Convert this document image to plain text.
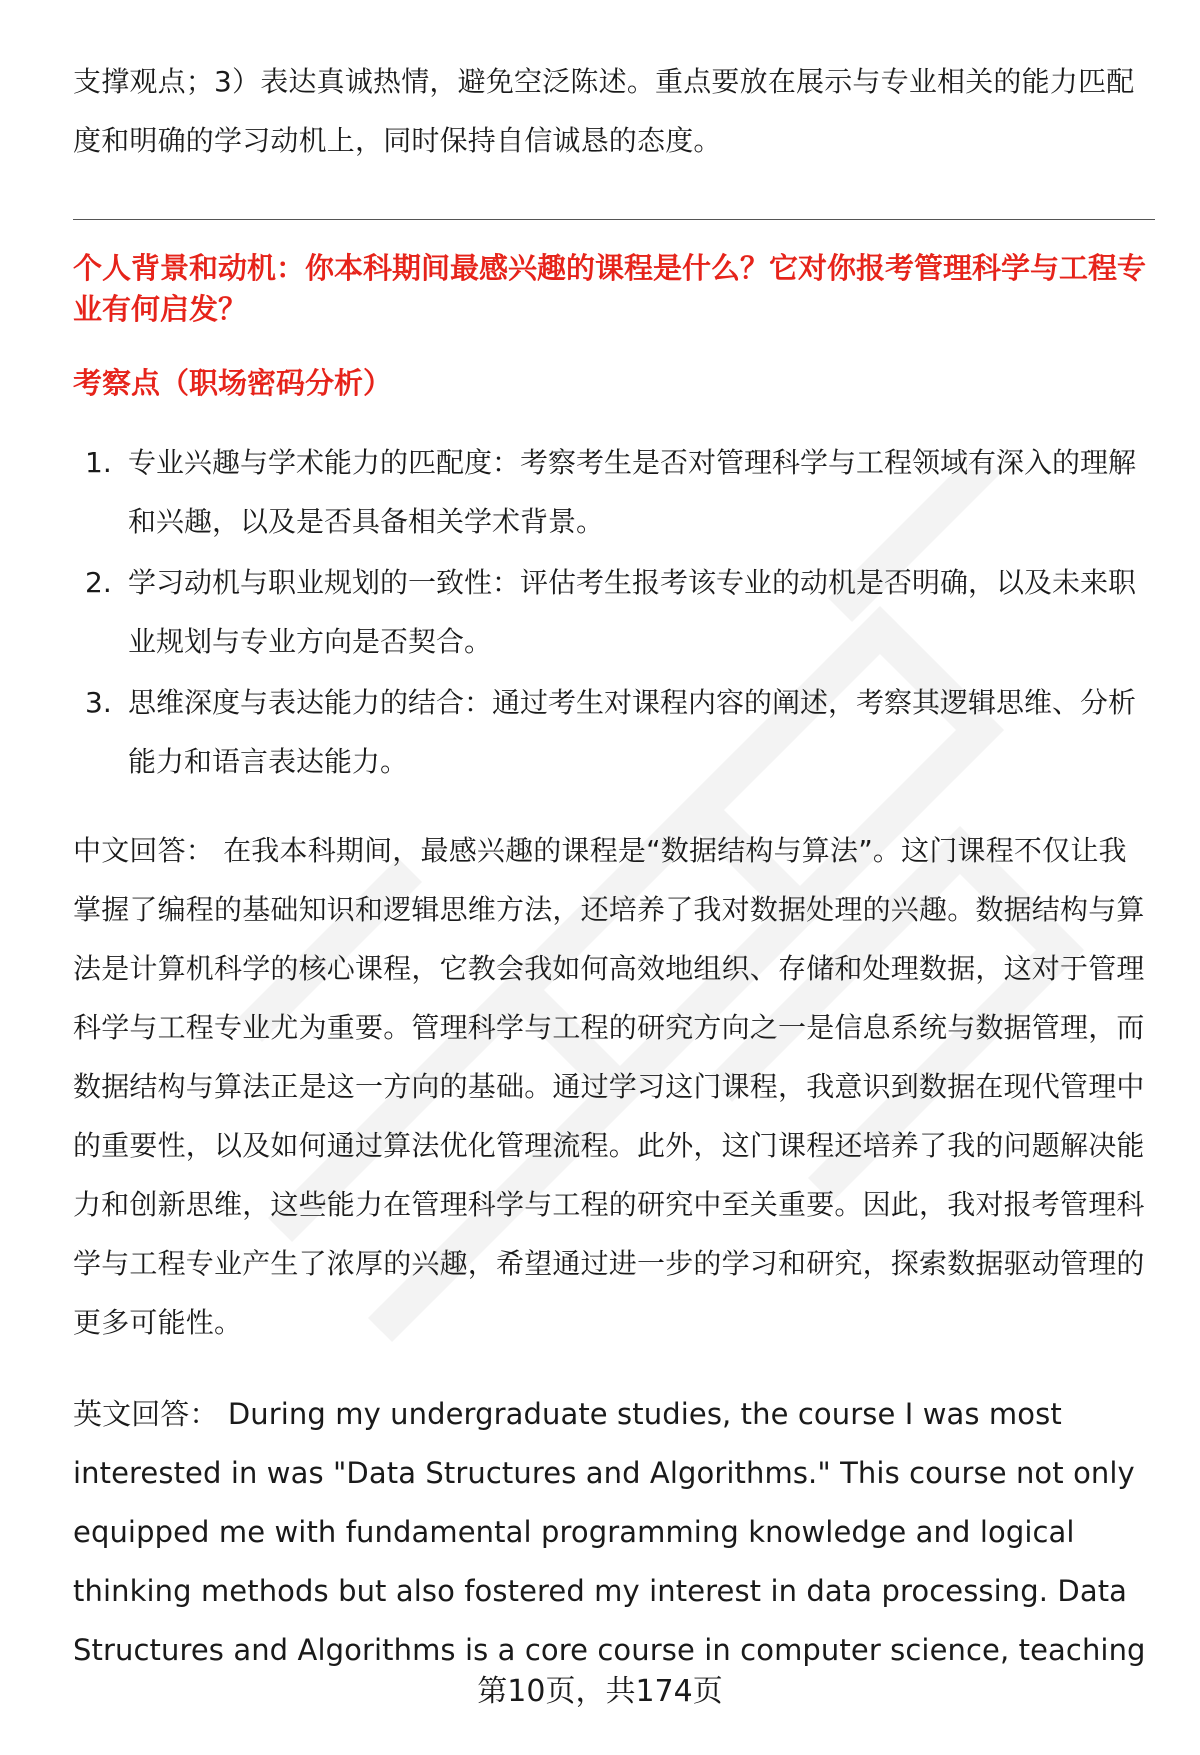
支撑观点；3）表达真诚热情，避免空泛陈述。重点要放在展示与专业相关的能力匹配度和明确的学习动机上，同时保持自信诚恳的态度。
个人背景和动机：你本科期间最感兴趣的课程是什么？它对你报考管理科学与工程专业有何启发？
考察点（职场密码分析）
1. 专业兴趣与学术能力的匹配度：考察考生是否对管理科学与工程领域有深入的理解和兴趣，以及是否具备相关学术背景。
2. 学习动机与职业规划的一致性：评估考生报考该专业的动机是否明确，以及未来职业规划与专业方向是否契合。
3. 思维深度与表达能力的结合：通过考生对课程内容的阐述，考察其逻辑思维、分析能力和语言表达能力。
中文回答： 在我本科期间，最感兴趣的课程是“数据结构与算法”。这门课程不仅让我掌握了编程的基础知识和逻辑思维方法，还培养了我对数据处理的兴趣。数据结构与算法是计算机科学的核心课程，它教会我如何高效地组织、存储和处理数据，这对于管理科学与工程专业尤为重要。管理科学与工程的研究方向之一是信息系统与数据管理，而数据结构与算法正是这一方向的基础。通过学习这门课程，我意识到数据在现代管理中的重要性，以及如何通过算法优化管理流程。此外，这门课程还培养了我的问题解决能力和创新思维，这些能力在管理科学与工程的研究中至关重要。因此，我对报考管理科学与工程专业产生了浓厚的兴趣，希望通过进一步的学习和研究，探索数据驱动管理的更多可能性。
英文回答： During my undergraduate studies, the course I was most interested in was "Data Structures and Algorithms." This course not only equipped me with fundamental programming knowledge and logical thinking methods but also fostered my interest in data processing. Data Structures and Algorithms is a core course in computer science, teaching
第10页，共174页
